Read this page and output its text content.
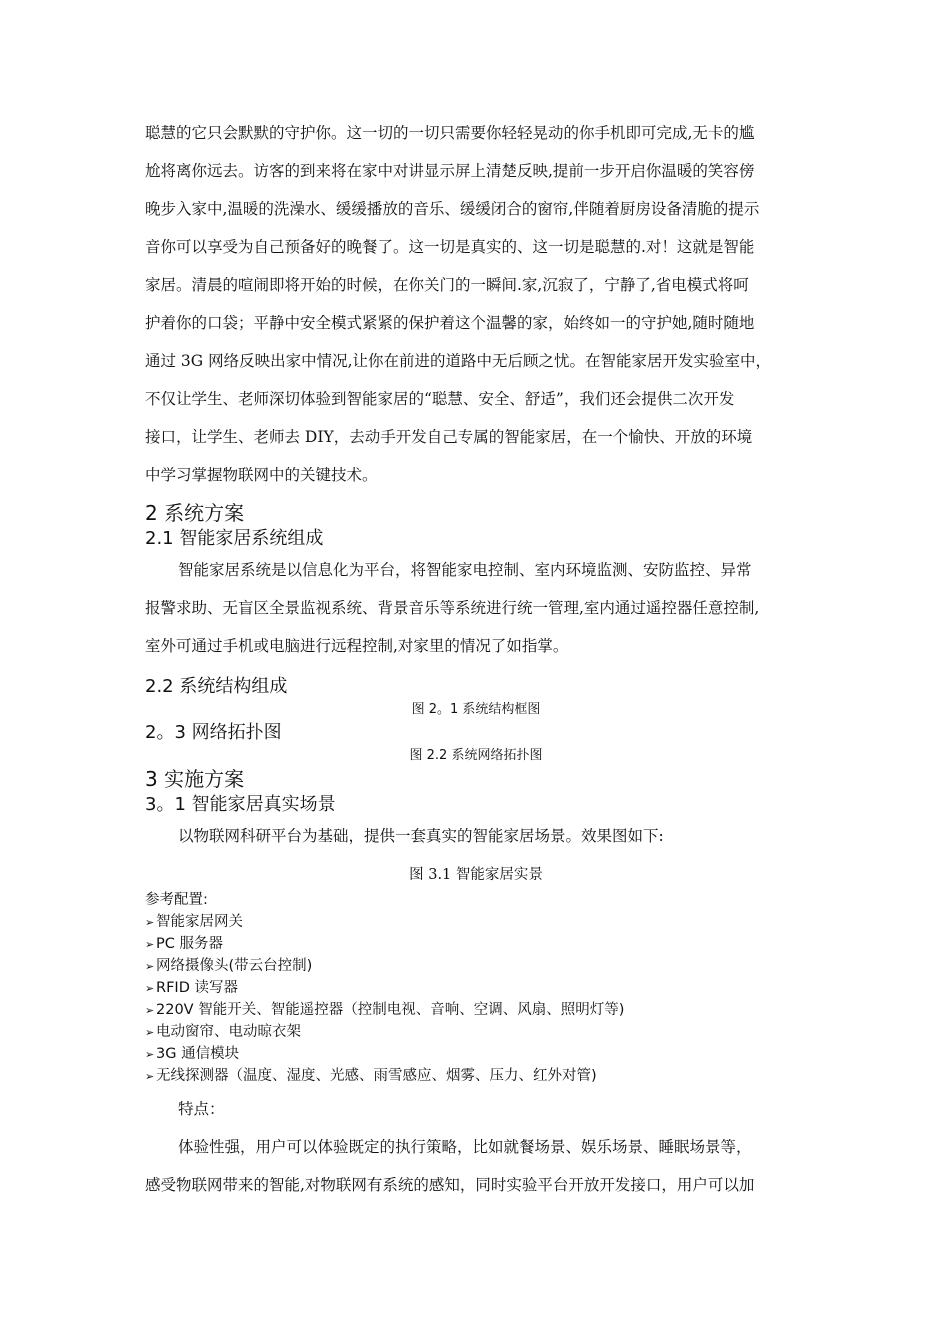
聪慧的它只会默默的守护你。这一切的一切只需要你轻轻晃动的你手机即可完成,无卡的尴
尬将离你远去。访客的到来将在家中对讲显示屏上清楚反映,提前一步开启你温暖的笑容傍
晚步入家中,温暖的洗澡水、缓缓播放的音乐、缓缓闭合的窗帘,伴随着厨房设备清脆的提示
音你可以享受为自己预备好的晚餐了。这一切是真实的、这一切是聪慧的.对！这就是智能
家居。清晨的喧闹即将开始的时候，在你关门的一瞬间.家,沉寂了，宁静了,省电模式将呵
护着你的口袋；平静中安全模式紧紧的保护着这个温馨的家，始终如一的守护她,随时随地
通过 3G 网络反映出家中情况,让你在前进的道路中无后顾之忧。在智能家居开发实验室中，
不仅让学生、老师深切体验到智能家居的“聪慧、安全、舒适”，我们还会提供二次开发
接口，让学生、老师去 DIY，去动手开发自己专属的智能家居，在一个愉快、开放的环境
中学习掌握物联网中的关键技术。
2 系统方案
2.1 智能家居系统组成
智能家居系统是以信息化为平台，将智能家电控制、室内环境监测、安防监控、异常
报警求助、无盲区全景监视系统、背景音乐等系统进行统一管理,室内通过遥控器任意控制,
室外可通过手机或电脑进行远程控制,对家里的情况了如指掌。
2.2 系统结构组成
图 2。1 系统结构框图
2。3 网络拓扑图
图 2.2 系统网络拓扑图
3 实施方案
3。1 智能家居真实场景
以物联网科研平台为基础，提供一套真实的智能家居场景。效果图如下:
图 3.1 智能家居实景
参考配置:
➢ 智能家居网关
➢ PC 服务器
➢ 网络摄像头(带云台控制)
➢ RFID 读写器
➢ 220V 智能开关、智能遥控器（控制电视、音响、空调、风扇、照明灯等)
➢ 电动窗帘、电动晾衣架
➢ 3G 通信模块
➢ 无线探测器（温度、湿度、光感、雨雪感应、烟雾、压力、红外对管)
特点：
体验性强，用户可以体验既定的执行策略，比如就餐场景、娱乐场景、睡眠场景等，
感受物联网带来的智能,对物联网有系统的感知，同时实验平台开放开发接口，用户可以加
